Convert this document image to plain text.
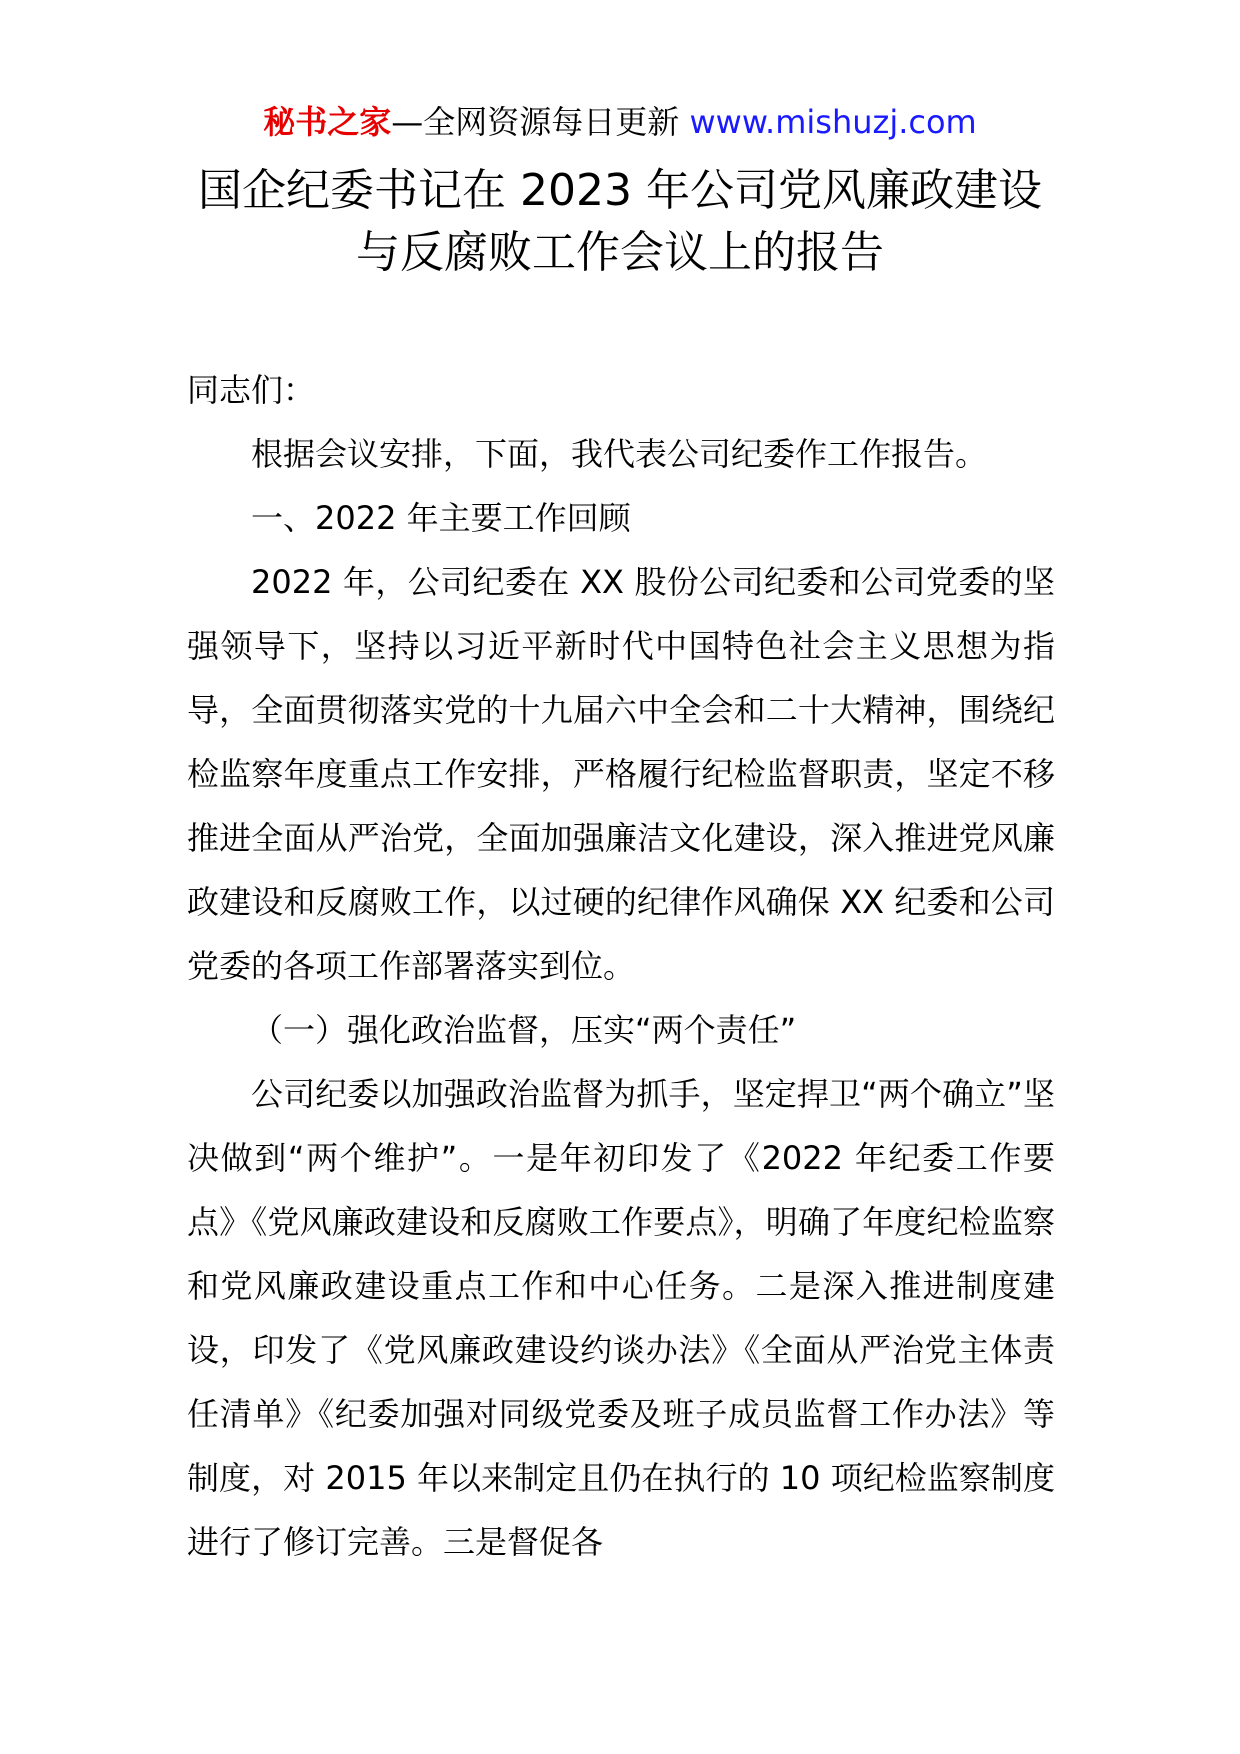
秘书之家—全网资源每日更新 www.mishuzj.com
国企纪委书记在 2023 年公司党风廉政建设
与反腐败工作会议上的报告

同志们：

根据会议安排，下面，我代表公司纪委作工作报告。

一、2022 年主要工作回顾

2022 年，公司纪委在 XX 股份公司纪委和公司党委的坚强领导下，坚持以习近平新时代中国特色社会主义思想为指导，全面贯彻落实党的十九届六中全会和二十大精神，围绕纪检监察年度重点工作安排，严格履行纪检监督职责，坚定不移推进全面从严治党，全面加强廉洁文化建设，深入推进党风廉政建设和反腐败工作，以过硬的纪律作风确保 XX 纪委和公司党委的各项工作部署落实到位。

（一）强化政治监督，压实“两个责任”

公司纪委以加强政治监督为抓手，坚定捍卫“两个确立”坚决做到“两个维护”。一是年初印发了《2022 年纪委工作要点》《党风廉政建设和反腐败工作要点》，明确了年度纪检监察和党风廉政建设重点工作和中心任务。二是深入推进制度建设，印发了《党风廉政建设约谈办法》《全面从严治党主体责任清单》《纪委加强对同级党委及班子成员监督工作办法》等制度，对 2015 年以来制定且仍在执行的 10 项纪检监察制度进行了修订完善。三是督促各
